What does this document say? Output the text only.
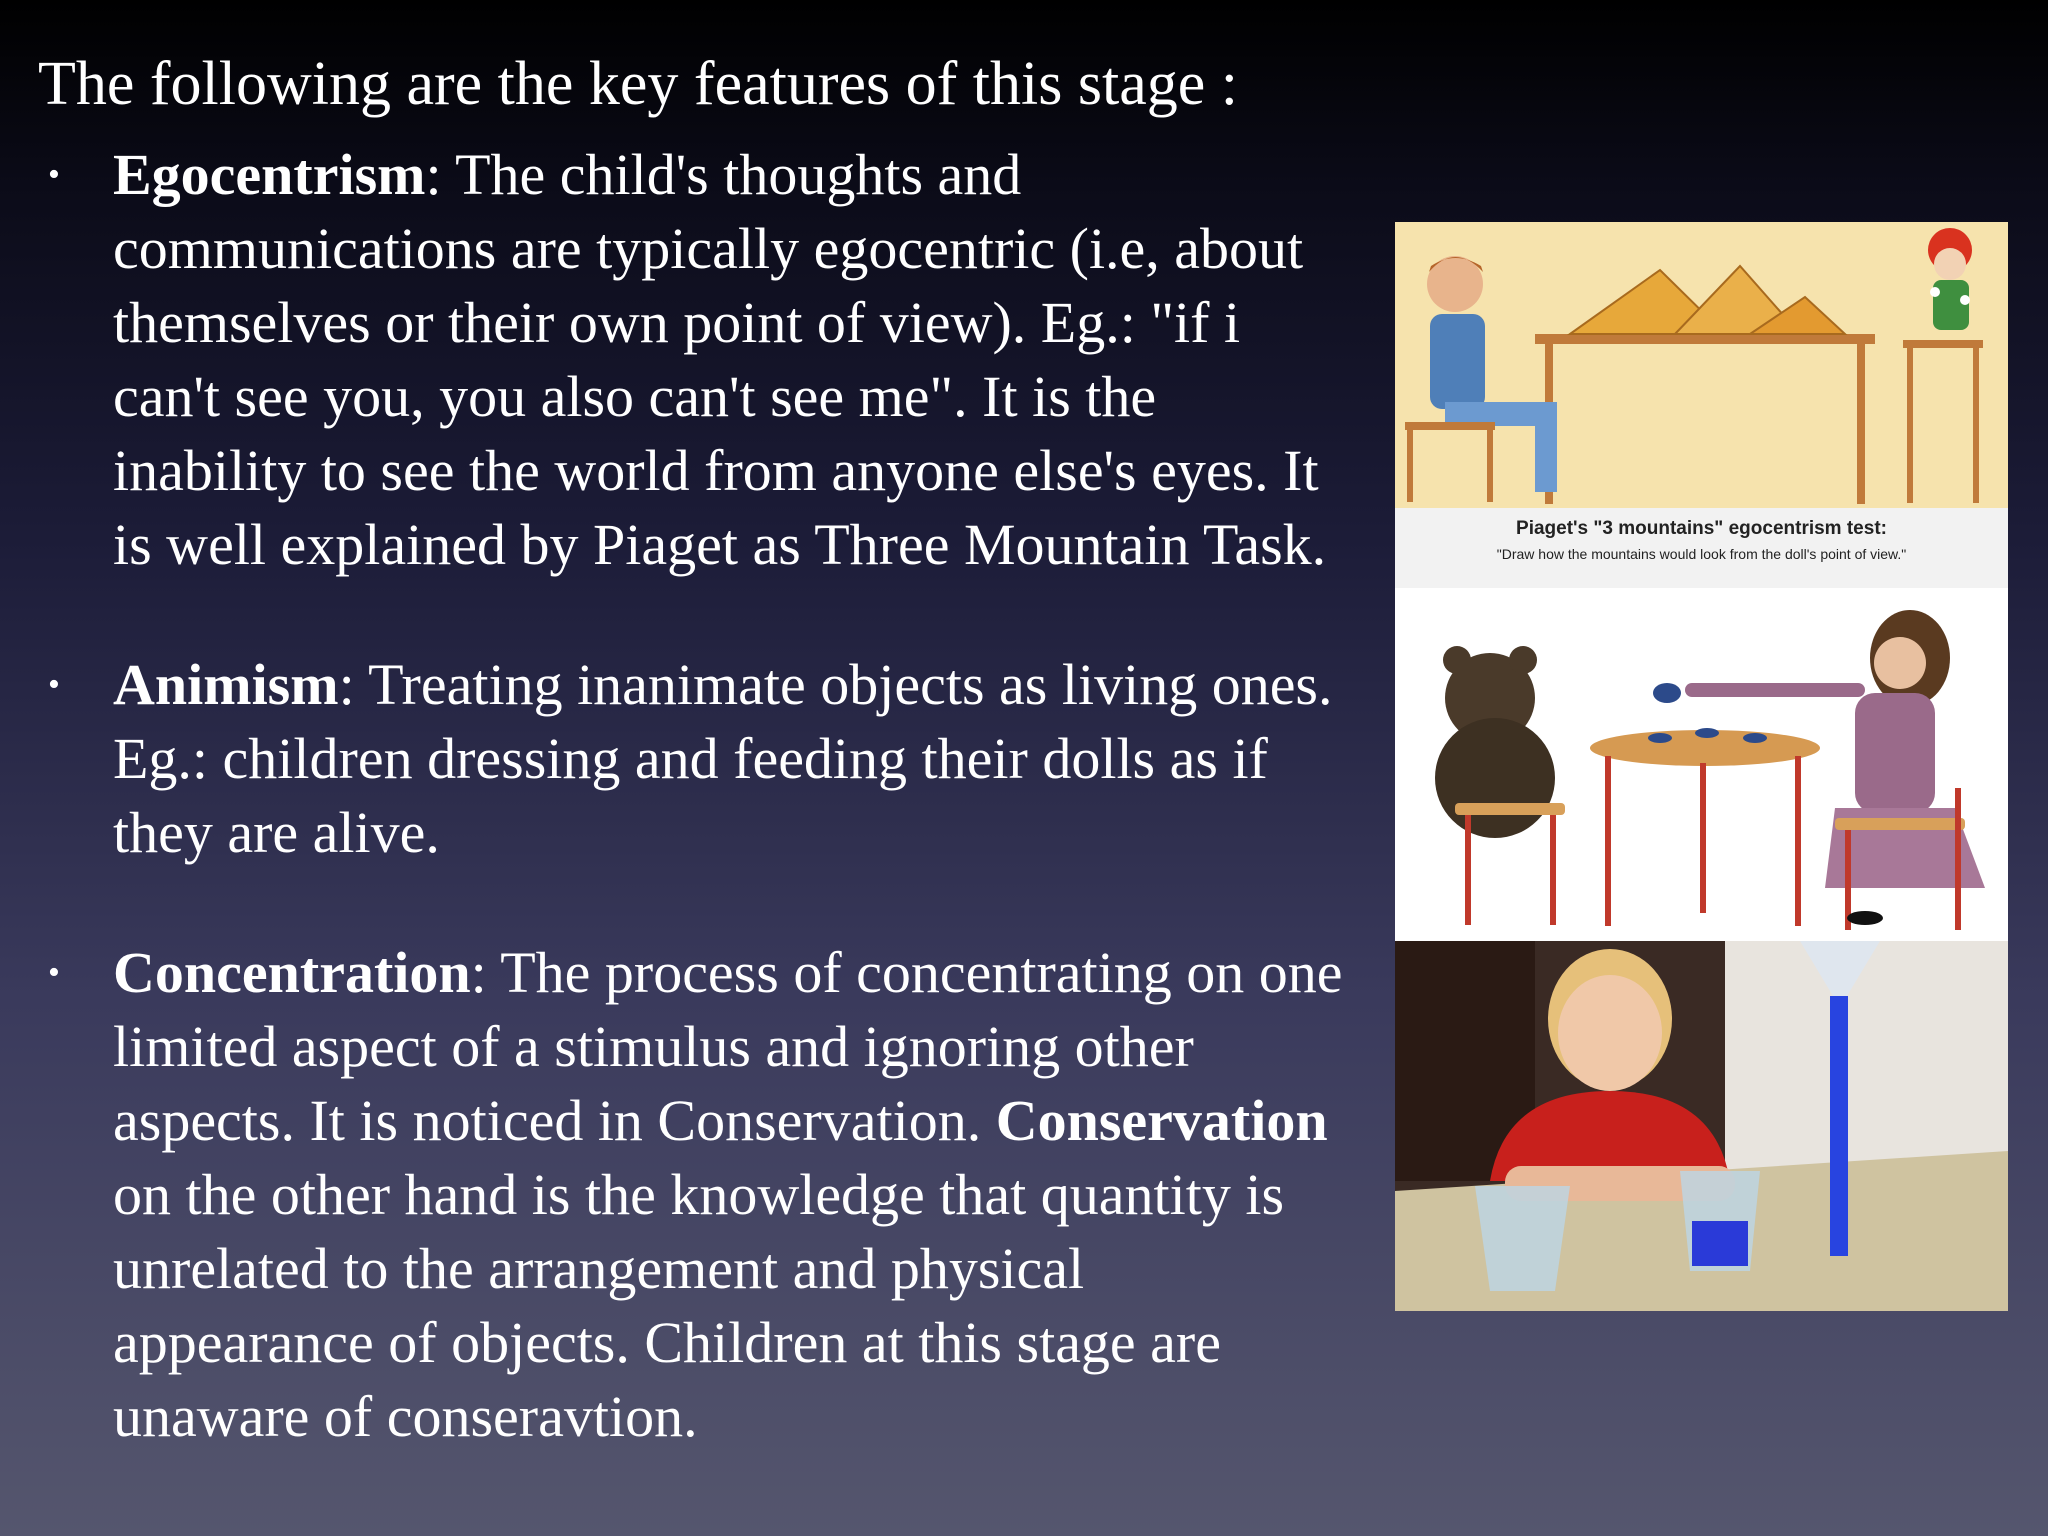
The following are the key features of this stage :
• Egocentrism: The child's thoughts and communications are typically egocentric (i.e, about themselves or their own point of view). Eg.: "if i can't see you, you also can't see me". It is the inability to see the world from anyone else's eyes. It is well explained by Piaget as Three Mountain Task.
• Animism: Treating inanimate objects as living ones. Eg.: children dressing and feeding their dolls as if they are alive.
• Concentration: The process of concentrating on one limited aspect of a stimulus and ignoring other aspects. It is noticed in Conservation. Conservation on the other hand is the knowledge that quantity is unrelated to the arrangement and physical appearance of objects. Children at this stage are unaware of conseravtion.
Piaget's "3 mountains" egocentrism test:
"Draw how the mountains would look from the doll's point of view."
